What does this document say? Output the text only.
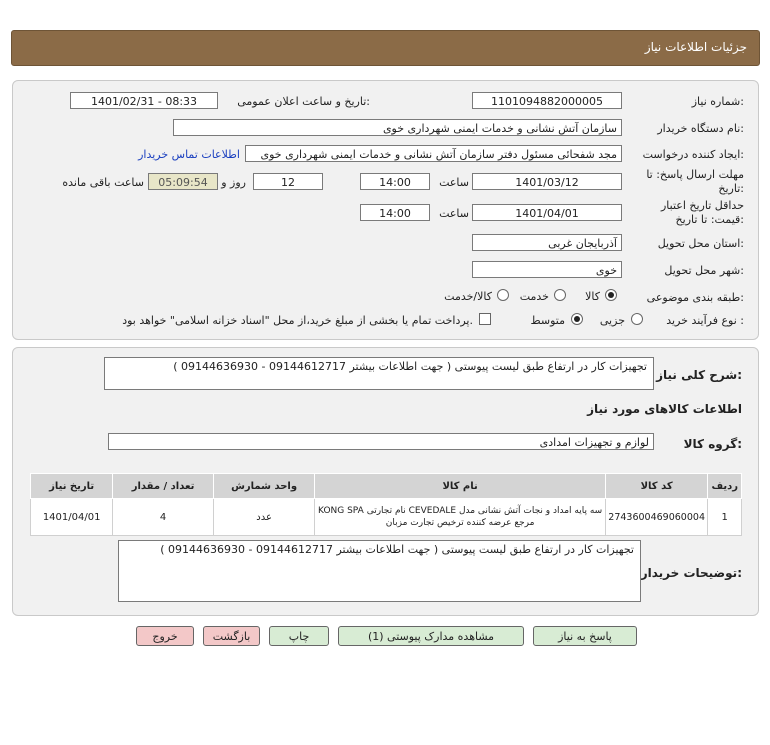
جزئیات اطلاعات نیاز
شماره نیاز:
1101094882000005
تاریخ و ساعت اعلان عمومی:
1401/02/31 - 08:33
نام دستگاه خریدار:
سازمان آتش نشانی و خدمات ایمنی شهرداری خوی
ایجاد کننده درخواست:
مجد شفحائی مسئول دفتر سازمان آتش نشانی و خدمات ایمنی شهرداری خوی
اطلاعات تماس خریدار
مهلت ارسال پاسخ: تا تاریخ:
1401/03/12
ساعت
14:00
12
روز و
05:09:54
ساعت باقی مانده
حداقل تاریخ اعتبار قیمت: تا تاریخ:
1401/04/01
ساعت
14:00
استان محل تحویل:
آذربایجان غربی
شهر محل تحویل:
خوی
طبقه بندی موضوعی:
کالا
خدمت
کالا/خدمت
نوع فرآیند خرید :
جزیی
متوسط
پرداخت تمام یا بخشی از مبلغ خرید،از محل "اسناد خزانه اسلامی" خواهد بود.
شرح کلی نیاز:
تجهیزات کار در ارتفاع طبق لیست پیوستی ( جهت اطلاعات بیشتر 09144612717 - 09144636930 )
اطلاعات کالاهای مورد نیاز
گروه کالا:
لوازم و تجهیزات امدادی
تاریخ نیاز	تعداد / مقدار	واحد شمارش	نام کالا	کد کالا	ردیف
1401/04/01	4	عدد	سه پایه امداد و نجات آتش نشانی مدل CEVEDALE نام تجارتی KONG SPA مرجع عرضه کننده ترخیص تجارت مزبان	2743600469060004	1
توضیحات خریدار:
تجهیزات کار در ارتفاع طبق لیست پیوستی ( جهت اطلاعات بیشتر 09144612717 - 09144636930 )
پاسخ به نیاز
مشاهده مدارک پیوستی (1)
چاپ
بازگشت
خروج
